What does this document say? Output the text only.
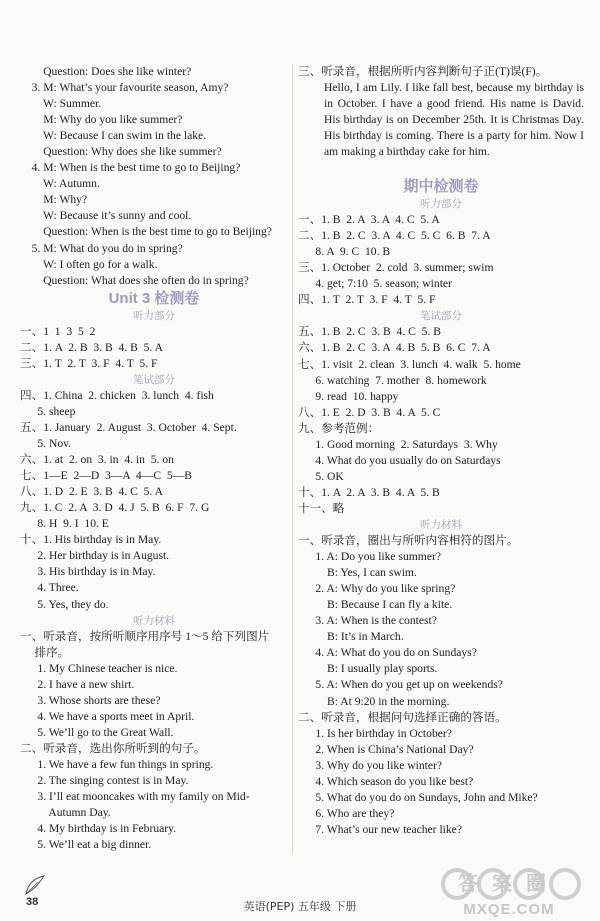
Question: Does she like winter?
3. M: What’s your favourite season, Amy?
W: Summer.
M: Why do you like summer?
W: Because I can swim in the lake.
Question: Why does she like summer?
4. M: When is the best time to go to Beijing?
W: Autumn.
M: Why?
W: Because it’s sunny and cool.
Question: When is the best time to go to Beijing?
5. M: What do you do in spring?
W: I often go for a walk.
Question: What does she often do in spring?
Unit 3 检测卷
听力部分
一、1  1  3  5  2
二、1. A  2. B  3. B  4. B  5. A
三、1. T  2. T  3. F  4. T  5. F
笔试部分
四、1. China  2. chicken  3. lunch  4. fish
5. sheep
五、1. January  2. August  3. October  4. Sept.
5. Nov.
六、1. at  2. on  3. in  4. in  5. on
七、1—E  2—D  3—A  4—C  5—B
八、1. D  2. E  3. B  4. C  5. A
九、1. C  2. A  3. D  4. J  5. B  6. F  7. G
8. H  9. I  10. E
十、1. His birthday is in May.
2. Her birthday is in August.
3. His birthday is in May.
4. Three.
5. Yes, they do.
听力材料
一、听录音，按所听顺序用序号 1～5 给下列图片
排序。
1. My Chinese teacher is nice.
2. I have a new shirt.
3. Whose shorts are these?
4. We have a sports meet in April.
5. We’ll go to the Great Wall.
二、听录音，选出你所听到的句子。
1. We have a few fun things in spring.
2. The singing contest is in May.
3. I’ll eat mooncakes with my family on Mid-
Autumn Day.
4. My birthday is in February.
5. We’ll eat a big dinner.
三、听录音，根据所听内容判断句子正(T)误(F)。
Hello, I am Lily. I like fall best, because my birthday is in October. I have a good friend. His name is David. His birthday is on December 25th. It is Christmas Day. His birthday is coming. There is a party for him. Now I am making a birthday cake for him.
期中检测卷
听力部分
一、1. B  2. A  3. A  4. C  5. A
二、1. B  2. C  3. A  4. C  5. C  6. B  7. A
8. A  9. C  10. B
三、1. October  2. cold  3. summer; swim
4. get; 7:10  5. season; winter
四、1. T  2. T  3. F  4. T  5. F
笔试部分
五、1. B  2. C  3. B  4. C  5. B
六、1. B  2. C  3. A  4. B  5. B  6. C  7. A
七、1. visit  2. clean  3. lunch  4. walk  5. home
6. watching  7. mother  8. homework
9. read  10. happy
八、1. E  2. D  3. B  4. A  5. C
九、参考范例：
1. Good morning  2. Saturdays  3. Why
4. What do you usually do on Saturdays
5. OK
十、1. A  2. A  3. B  4. A  5. B
十一、略
听力材料
一、听录音，圈出与所听内容相符的图片。
1. A: Do you like summer?
B: Yes, I can swim.
2. A: Why do you like spring?
B: Because I can fly a kite.
3. A: When is the contest?
B: It’s in March.
4. A: What do you do on Sundays?
B: I usually play sports.
5. A: When do you get up on weekends?
B: At 9:20 in the morning.
二、听录音，根据问句选择正确的答语。
1. Is her birthday in October?
2. When is China’s National Day?
3. Why do you like winter?
4. Which season do you like best?
5. What do you do on Sundays, John and Mike?
6. Who are they?
7. What’s our new teacher like?
38	英语(PEP) 五年级 下册
答案圈
MXQE.COM
